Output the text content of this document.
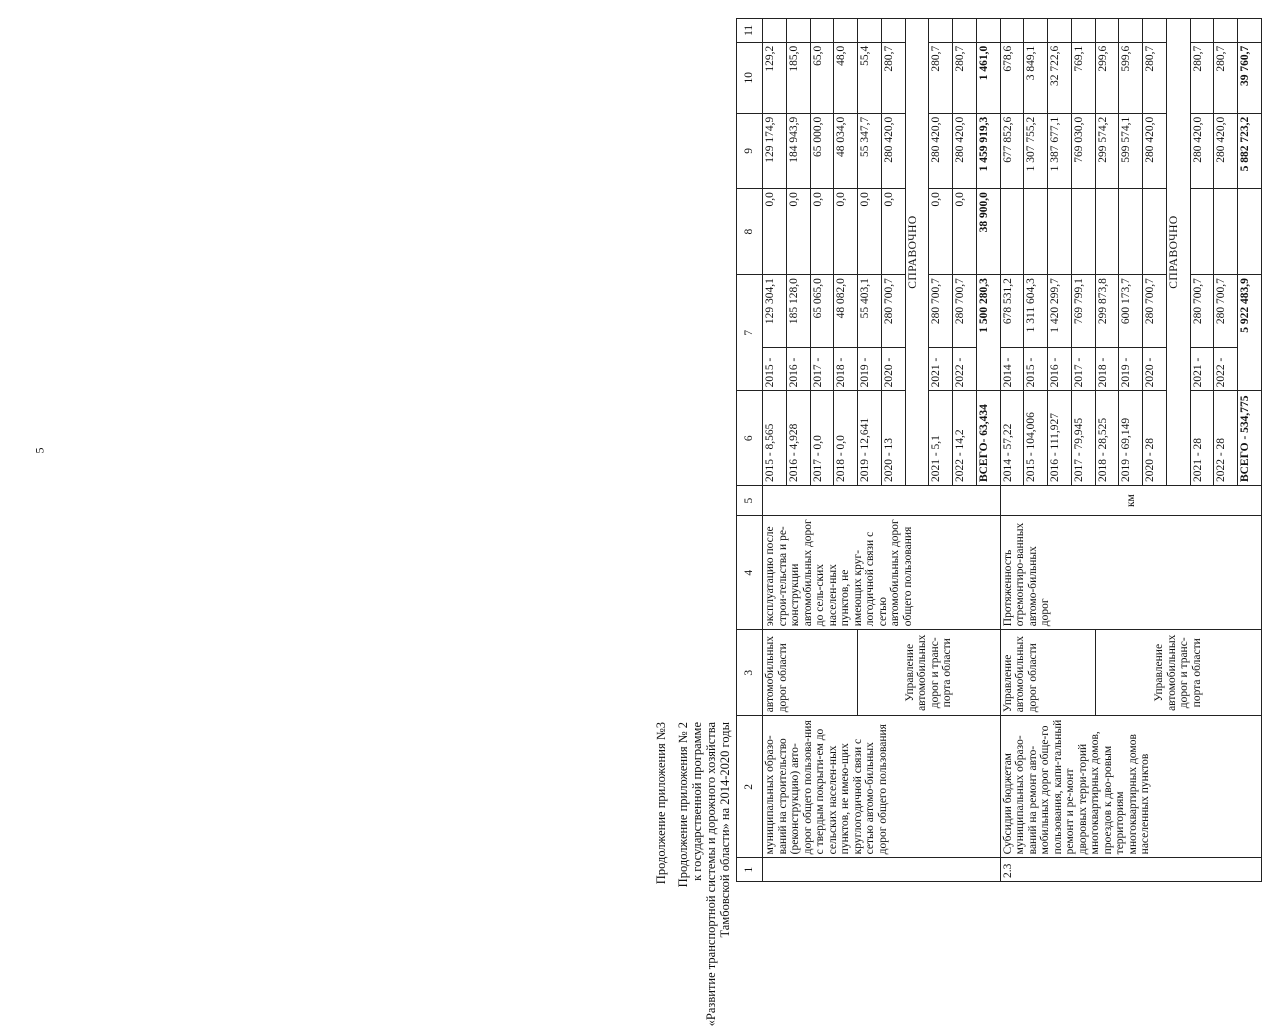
5
Продолжение приложения №3 Продолжение приложения № 2 к государственной программе «Развитие транспортной системы и дорожного хозяйства Тамбовской области» на 2014-2020 годы 1	2	3	4	5	6	7		8	9	10	11
	муниципальных образо-ваний на строительство (реконструкцию) авто-дорог общего пользова-ния с твердым покрыти-ем до сельских населен-ных пунктов, не имею-щих круглогодичной связи с сетью автомо-бильных дорог общего пользования	автомобильных дорог области	эксплуатацию после строи-тельства и ре-конструкции автомобильных дорог до сель-ских населен-ных пунктов, не имеющих круг-логодичной связи с сетью автомобильных дорог общего пользования		2015 - 8,565	2015 -	129 304,1	0,0	129 174,9	129,2	
					2016 - 4,928	2016 -	185 128,0	0,0	184 943,9	185,0	
					2017 - 0,0	2017 -	65 065,0	0,0	65 000,0	65,0	
					2018 - 0,0	2018 -	48 082,0	0,0	48 034,0	48,0	
		Управление автомобильных дорог и транс-порта области			2019 - 12,641	2019 -	55 403,1	0,0	55 347,7	55,4	
					2020 - 13	2020 -	280 700,7	0,0	280 420,0	280,7	
					СПРАВОЧНО						
					2021 - 5,1	2021 -	280 700,7	0,0	280 420,0	280,7	
					2022 - 14,2	2022 -	280 700,7	0,0	280 420,0	280,7	
					ВСЕГО- 63,434	1 500 280,3		38 900,0	1 459 919,3	1 461,0	
2.3	Субсидии бюджетам муниципальных образо-ваний на ремонт авто-мобильных дорог обще-го пользования, капи-тальный ремонт и ре-монт дворовых терри-торий многоквартирных домов, проездов к дво-ровым территориям многоквартирных домов населенных пунктов	Управление автомобильных дорог области	Протяженность отремонтиро-ванных автомо-бильных дорог	км	2014 - 57,22	2014 -	678 531,2		677 852,6	678,6	
					2015 - 104,006	2015 -	1 311 604,3		1 307 755,2	3 849,1	
					2016 - 111,927	2016 -	1 420 299,7		1 387 677,1	32 722,6	
					2017 - 79,945	2017 -	769 799,1		769 030,0	769,1	
		Управление автомобильных дорог и транс-порта области			2018 - 28,525	2018 -	299 873,8		299 574,2	299,6	
					2019 - 69,149	2019 -	600 173,7		599 574,1	599,6	
					2020 - 28	2020 -	280 700,7		280 420,0	280,7	
					СПРАВОЧНО						
					2021 - 28	2021 -	280 700,7		280 420,0	280,7	
					2022 - 28	2022 -	280 700,7		280 420,0	280,7	
					ВСЕГО - 534,775	5 922 483,9			5 882 723,2	39 760,7	
